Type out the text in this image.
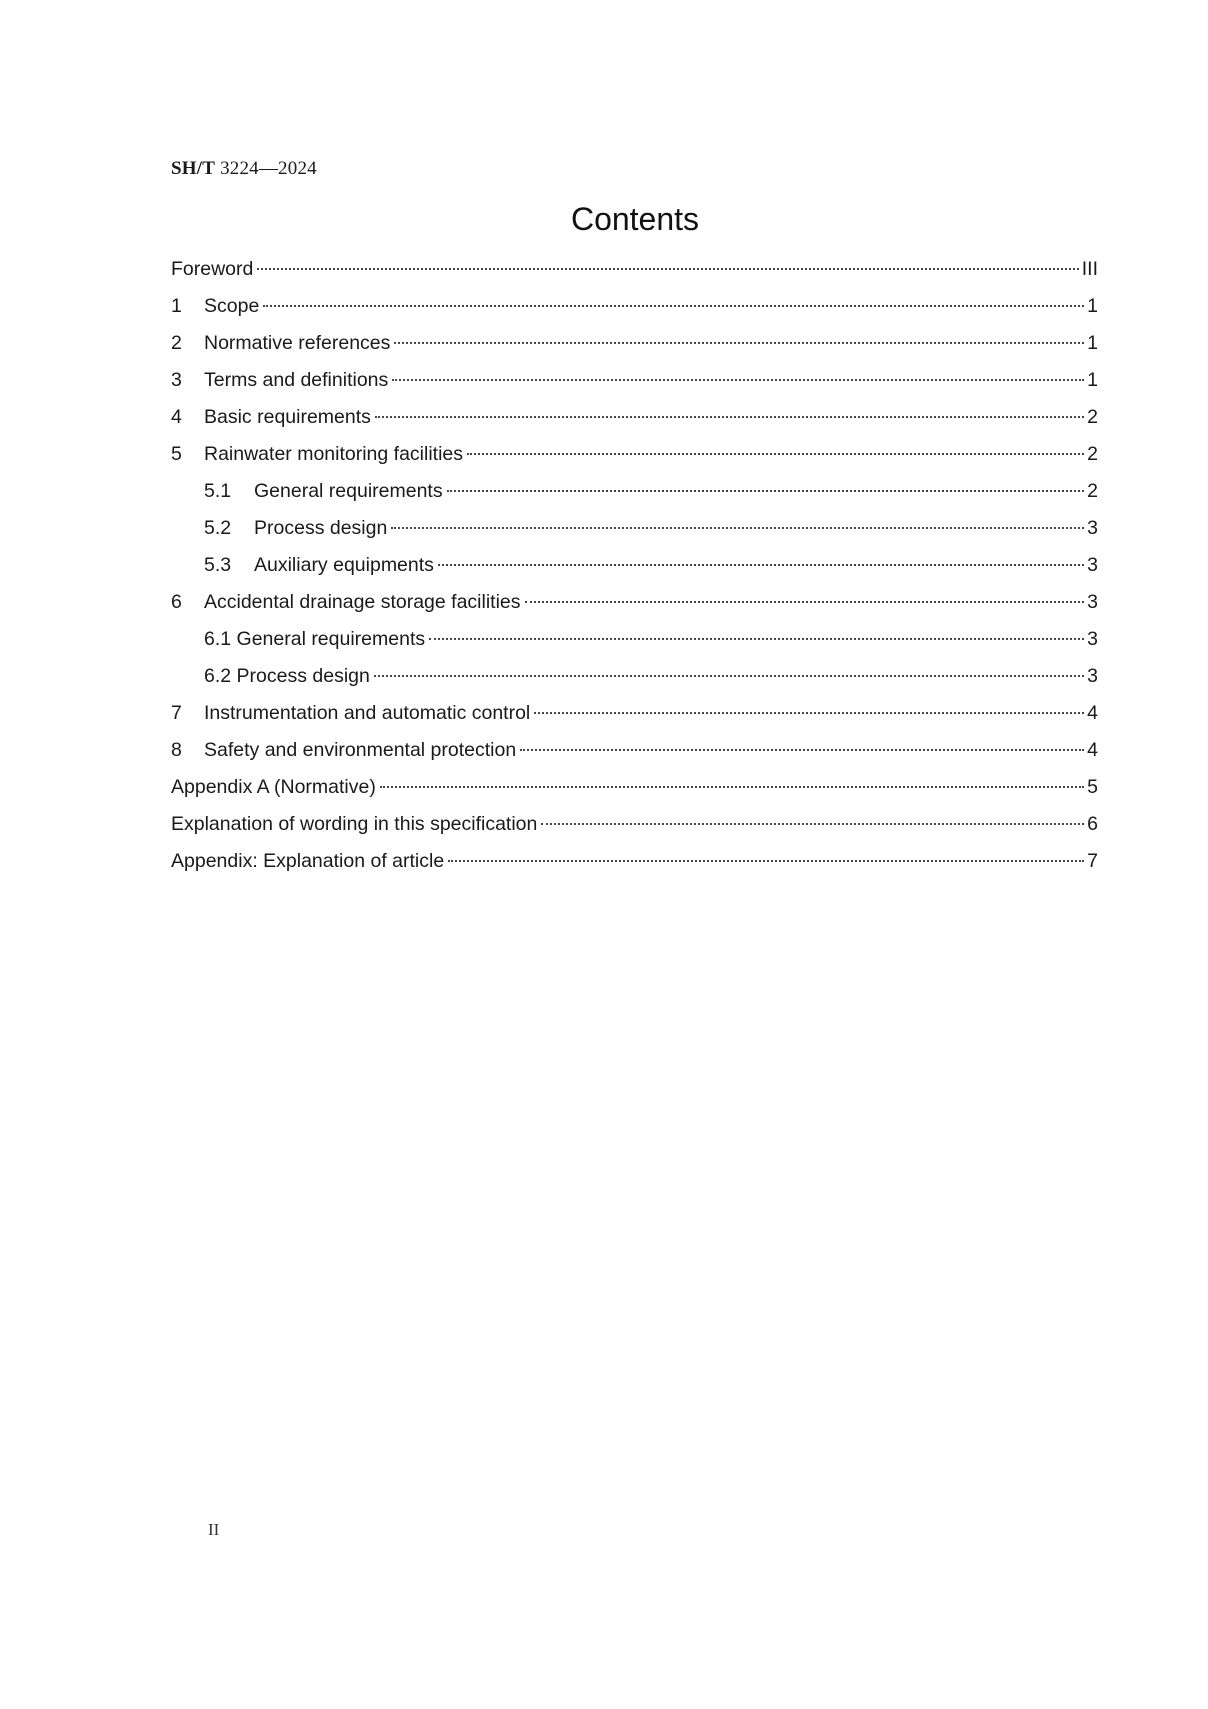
SH/T 3224—2024
Contents
Foreword	III
1	Scope	1
2	Normative references	1
3	Terms and definitions	1
4	Basic requirements	2
5	Rainwater monitoring facilities	2
5.1	General requirements	2
5.2	Process design	3
5.3	Auxiliary equipments	3
6	Accidental drainage storage facilities	3
6.1 General requirements	3
6.2 Process design	3
7	Instrumentation and automatic control	4
8	Safety and environmental protection	4
Appendix A (Normative)	5
Explanation of wording in this specification	6
Appendix: Explanation of article	7
II
